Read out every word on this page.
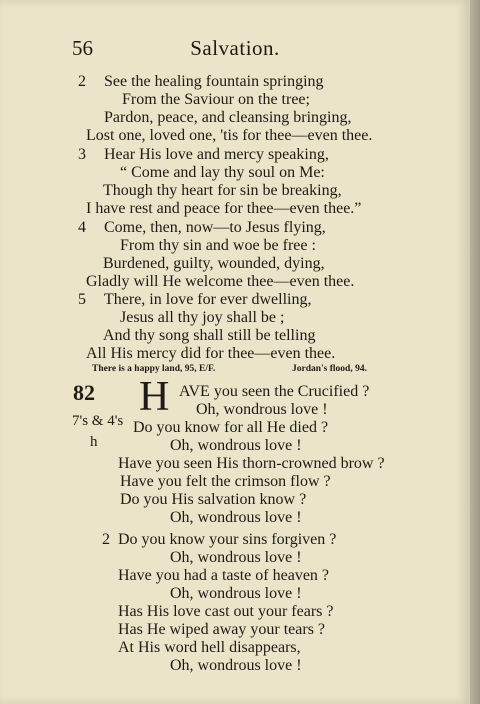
56	Salvation.
2 See the healing fountain springing
From the Saviour on the tree;
Pardon, peace, and cleansing bringing,
Lost one, loved one, 'tis for thee—even thee.
3 Hear His love and mercy speaking,
“ Come and lay thy soul on Me:
Though thy heart for sin be breaking,
I have rest and peace for thee—even thee.”
4 Come, then, now—to Jesus flying,
From thy sin and woe be free :
Burdened, guilty, wounded, dying,
Gladly will He welcome thee—even thee.
5 There, in love for ever dwelling,
Jesus all thy joy shall be ;
And thy song shall still be telling
All His mercy did for thee—even thee.
There is a happy land, 95, E/F.	Jordan's flood, 94.
82 H
7's & 4's
h
AVE you seen the Crucified ?
Oh, wondrous love !
Do you know for all He died ?
Oh, wondrous love !
Have you seen His thorn-crowned brow ?
Have you felt the crimson flow ?
Do you His salvation know ?
Oh, wondrous love !
2 Do you know your sins forgiven ?
Oh, wondrous love !
Have you had a taste of heaven ?
Oh, wondrous love !
Has His love cast out your fears ?
Has He wiped away your tears ?
At His word hell disappears,
Oh, wondrous love !
